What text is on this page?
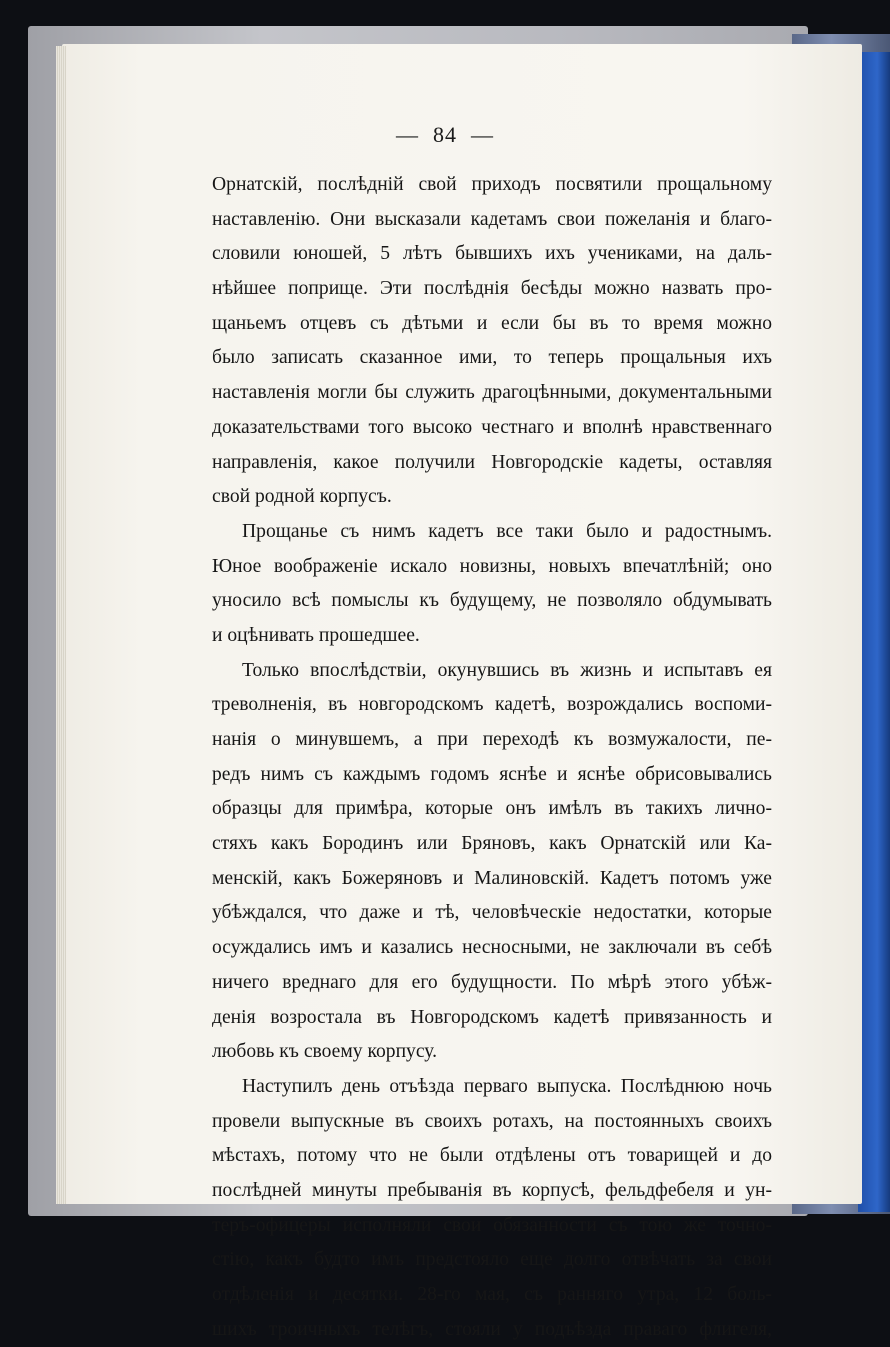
— 84 —
Орнатскій, послѣдній свой приходъ посвятили прощальному
наставленію. Они высказали кадетамъ свои пожеланія и благо-
словили юношей, 5 лѣтъ бывшихъ ихъ учениками, на даль-
нѣйшее поприще. Эти послѣднія бесѣды можно назвать про-
щаньемъ отцевъ съ дѣтьми и если бы въ то время можно
было записать сказанное ими, то теперь прощальныя ихъ
наставленія могли бы служить драгоцѣнными, документальными
доказательствами того высоко честнаго и вполнѣ нравственнаго
направленія, какое получили Новгородскіе кадеты, оставляя
свой родной корпусъ.
Прощанье съ нимъ кадетъ все таки было и радостнымъ.
Юное воображеніе искало новизны, новыхъ впечатлѣній; оно
уносило всѣ помыслы къ будущему, не позволяло обдумывать
и оцѣнивать прошедшее.
Только впослѣдствіи, окунувшись въ жизнь и испытавъ ея
треволненія, въ новгородскомъ кадетѣ, возрождались воспоми-
нанія о минувшемъ, а при переходѣ къ возмужалости, пе-
редъ нимъ съ каждымъ годомъ яснѣе и яснѣе обрисовывались
образцы для примѣра, которые онъ имѣлъ въ такихъ лично-
стяхъ какъ Бородинъ или Бряновъ, какъ Орнатскій или Ка-
менскій, какъ Божеряновъ и Малиновскій. Кадетъ потомъ уже
убѣждался, что даже и тѣ, человѣческіе недостатки, которые
осуждались имъ и казались несносными, не заключали въ себѣ
ничего вреднаго для его будущности. По мѣрѣ этого убѣж-
денія возростала въ Новгородскомъ кадетѣ привязанность и
любовь къ своему корпусу.
Наступилъ день отъѣзда перваго выпуска. Послѣднюю ночь
провели выпускные въ своихъ ротахъ, на постоянныхъ своихъ
мѣстахъ, потому что не были отдѣлены отъ товарищей и до
послѣдней минуты пребыванія въ корпусѣ, фельдфебеля и ун-
теръ-офицеры исполняли свои обязанности съ тою же точно-
стію, какъ будто имъ предстояло еще долго отвѣчать за свои
отдѣленія и десятки. 28-го мая, съ ранняго утра, 12 боль-
шихъ троичныхъ телѣгъ, стояли у подъѣзда праваго флигеля,
